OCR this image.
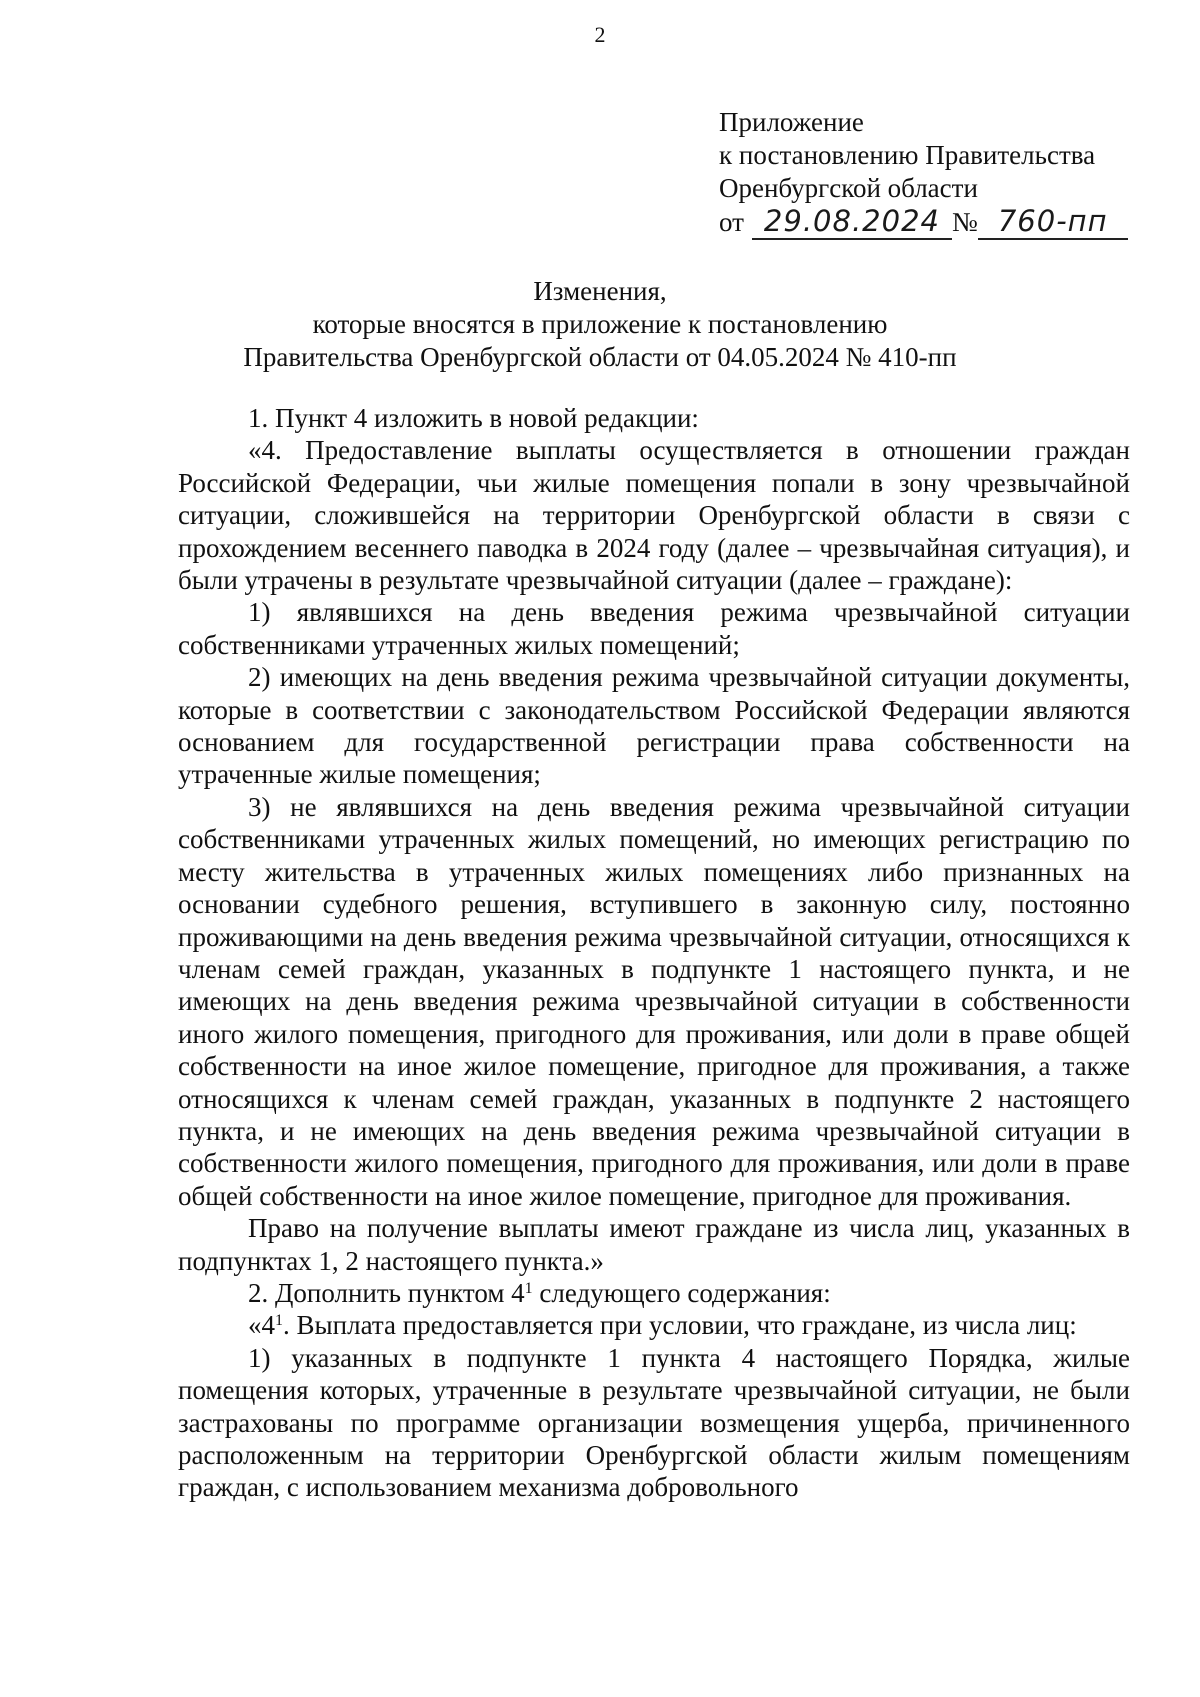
2
Приложение
к постановлению Правительства
Оренбургской области
от 29.08.2024 № 760-пп
Изменения,
которые вносятся в приложение к постановлению
Правительства Оренбургской области от 04.05.2024 № 410-пп

1. Пункт 4 изложить в новой редакции:

«4. Предоставление выплаты осуществляется в отношении граждан Российской Федерации, чьи жилые помещения попали в зону чрезвычайной ситуации, сложившейся на территории Оренбургской области в связи с прохождением весеннего паводка в 2024 году (далее – чрезвычайная ситуация), и были утрачены в результате чрезвычайной ситуации (далее – граждане):

1) являвшихся на день введения режима чрезвычайной ситуации собственниками утраченных жилых помещений;

2) имеющих на день введения режима чрезвычайной ситуации документы, которые в соответствии с законодательством Российской Федерации являются основанием для государственной регистрации права собственности на утраченные жилые помещения;

3) не являвшихся на день введения режима чрезвычайной ситуации собственниками утраченных жилых помещений, но имеющих регистрацию по месту жительства в утраченных жилых помещениях либо признанных на основании судебного решения, вступившего в законную силу, постоянно проживающими на день введения режима чрезвычайной ситуации, относящихся к членам семей граждан, указанных в подпункте 1 настоящего пункта, и не имеющих на день введения режима чрезвычайной ситуации в собственности иного жилого помещения, пригодного для проживания, или доли в праве общей собственности на иное жилое помещение, пригодное для проживания, а также относящихся к членам семей граждан, указанных в подпункте 2 настоящего пункта, и не имеющих на день введения режима чрезвычайной ситуации в собственности жилого помещения, пригодного для проживания, или доли в праве общей собственности на иное жилое помещение, пригодное для проживания.

Право на получение выплаты имеют граждане из числа лиц, указанных в подпунктах 1, 2 настоящего пункта.»

2. Дополнить пунктом $4^1$ следующего содержания:

«$4^1$. Выплата предоставляется при условии, что граждане, из числа лиц:

1) указанных в подпункте 1 пункта 4 настоящего Порядка, жилые помещения которых, утраченные в результате чрезвычайной ситуации, не были застрахованы по программе организации возмещения ущерба, причиненного расположенным на территории Оренбургской области жилым помещениям граждан, с использованием механизма добровольного
